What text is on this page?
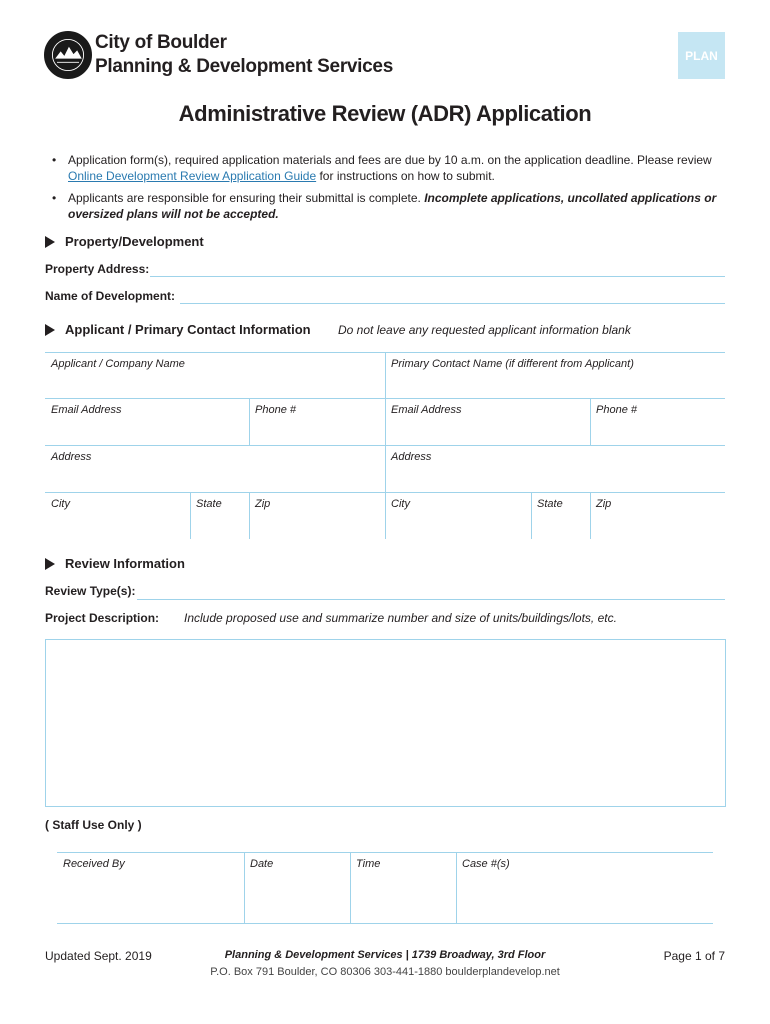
City of Boulder
Planning & Development Services
PLAN
Administrative Review (ADR) Application
• Application form(s), required application materials and fees are due by 10 a.m. on the application deadline. Please review Online Development Review Application Guide for instructions on how to submit.
• Applicants are responsible for ensuring their submittal is complete. Incomplete applications, uncollated applications or oversized plans will not be accepted.
Property/Development
Property Address:
Name of Development:
Applicant / Primary Contact Information Do not leave any requested applicant information blank
Applicant / Company Name
Email Address	Phone #
Address
City	State	Zip
Primary Contact Name (if different from Applicant)
Email Address	Phone #
Address
City	State	Zip
Review Information
Review Type(s):
Project Description: Include proposed use and summarize number and size of units/buildings/lots, etc.
( Staff Use Only )
Received By	Date	Time	Case #(s)
Updated Sept. 2019	Planning & Development Services | 1739 Broadway, 3rd Floor
P.O. Box 791 Boulder, CO 80306 303-441-1880 boulderplandevelop.net
Page 1 of 7
